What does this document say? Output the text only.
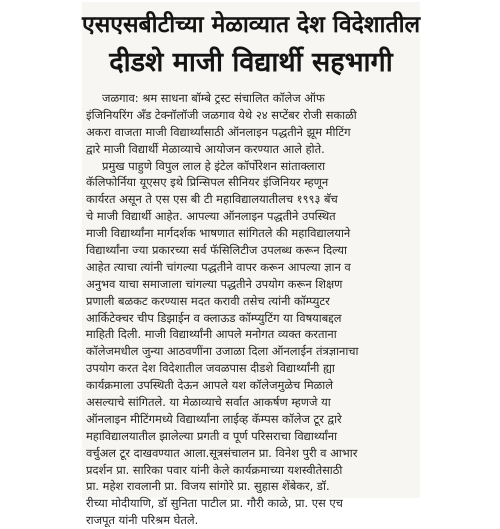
एसएसबीटीच्या मेळाव्यात देश विदेशातील
दीडशे माजी विद्यार्थी सहभागी
जळगाव: श्रम साधना बॉम्बे ट्रस्ट संचालित कॉलेज ऑफ
इंजिनियरिंग अँड टेक्नॉलॉजी जळगाव येथे २४ सप्टेंबर रोजी सकाळी
अकरा वाजता माजी विद्यार्थ्यांसाठी ऑनलाइन पद्धतीने झूम मीटिंग
द्वारे माजी विद्यार्थी मेळाव्याचे आयोजन करण्यात आले होते.
प्रमुख पाहुणे विपुल लाल हे इंटेल कॉर्पोरेशन सांताक्लारा
कॅलिफोर्निया यूएसए इथे प्रिन्सिपल सीनियर इंजिनियर म्हणून
कार्यरत असून ते एस एस बी टी महाविद्यालयातीलच १९९३ बॅच
चे माजी विद्यार्थी आहेत. आपल्या ऑनलाइन पद्धतीने उपस्थित
माजी विद्यार्थ्यांना मार्गदर्शक भाषणात सांगितले की महाविद्यालयाने
विद्यार्थ्यांना ज्या प्रकारच्या सर्व फॅसिलिटीज उपलब्ध करून दिल्या
आहेत त्याचा त्यांनी चांगल्या पद्धतीने वापर करून आपल्या ज्ञान व
अनुभव याचा समाजाला चांगल्या पद्धतीने उपयोग करून शिक्षण
प्रणाली बळकट करण्यास मदत करावी तसेच त्यांनी कॉम्प्युटर
आर्किटेक्चर चीप डिझाईन व क्लाऊड कॉम्प्युटिंग या विषयाबद्दल
माहिती दिली. माजी विद्यार्थ्यांनी आपले मनोगत व्यक्त करताना
कॉलेजमधील जुन्या आठवणींना उजाळा दिला ऑनलाईन तंत्रज्ञानाचा
उपयोग करत देश विदेशातील जवळपास दीडशे विद्यार्थ्यांनी ह्या
कार्यक्रमाला उपस्थिती देऊन आपले यश कॉलेजमुळेच मिळाले
असल्याचे सांगितले. या मेळाव्याचे सर्वात आकर्षण म्हणजे या
ऑनलाइन मीटिंगमध्ये विद्यार्थ्यांना लाईव्ह कॅम्पस कॉलेज टूर द्वारे
महाविद्यालयातील झालेल्या प्रगती व पूर्ण परिसराचा विद्यार्थ्यांना
वर्चुअल टूर दाखवण्यात आला.सूत्रसंचालन प्रा. विनेश पुरी व आभार
प्रदर्शन प्रा. सारिका पवार यांनी केले कार्यक्रमाच्या यशस्वीतेसाठी
प्रा. महेश रावलानी प्रा. विजय सांगोरे प्रा. सुहास शेंबेकर, डॉ.
रीच्या मोदीयाणि, डॉ सुनिता पाटील प्रा. गौरी काळे, प्रा. एस एच
राजपूत यांनी परिश्रम घेतले.
